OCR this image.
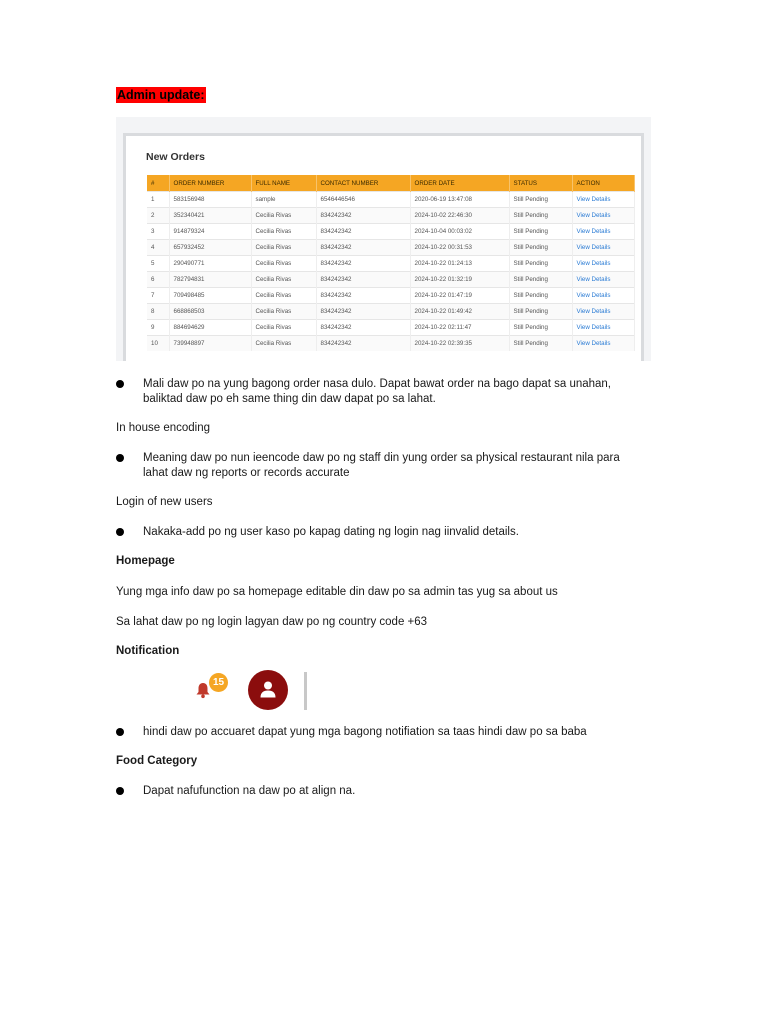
Admin update:
New Orders
#	ORDER NUMBER	FULL NAME	CONTACT NUMBER	ORDER DATE	STATUS	ACTION
1	583156948	sample	6546446546	2020-06-19 13:47:08	Still Pending	View Details
2	352340421	Cecilia Rivas	834242342	2024-10-02 22:46:30	Still Pending	View Details
3	914879324	Cecilia Rivas	834242342	2024-10-04 00:03:02	Still Pending	View Details
4	657932452	Cecilia Rivas	834242342	2024-10-22 00:31:53	Still Pending	View Details
5	290490771	Cecilia Rivas	834242342	2024-10-22 01:24:13	Still Pending	View Details
6	782794831	Cecilia Rivas	834242342	2024-10-22 01:32:19	Still Pending	View Details
7	709498485	Cecilia Rivas	834242342	2024-10-22 01:47:19	Still Pending	View Details
8	668868503	Cecilia Rivas	834242342	2024-10-22 01:49:42	Still Pending	View Details
9	884694629	Cecilia Rivas	834242342	2024-10-22 02:11:47	Still Pending	View Details
10	739948897	Cecilia Rivas	834242342	2024-10-22 02:39:35	Still Pending	View Details
Mali daw po na yung bagong order nasa dulo. Dapat bawat order na bago dapat sa unahan, baliktad daw po eh same thing din daw dapat po sa lahat.
In house encoding
Meaning daw po nun ieencode daw po ng staff din yung order sa physical restaurant nila para lahat daw ng reports or records accurate
Login of new users
Nakaka-add po ng user kaso po kapag dating ng login nag iinvalid details.
Homepage
Yung mga info daw po sa homepage editable din daw po sa admin tas yug sa about us
Sa lahat daw po ng login lagyan daw po ng country code +63
Notification
15
hindi daw po accuaret dapat yung mga bagong notifiation sa taas hindi daw po sa baba
Food Category
Dapat nafufunction na daw po at align na.
